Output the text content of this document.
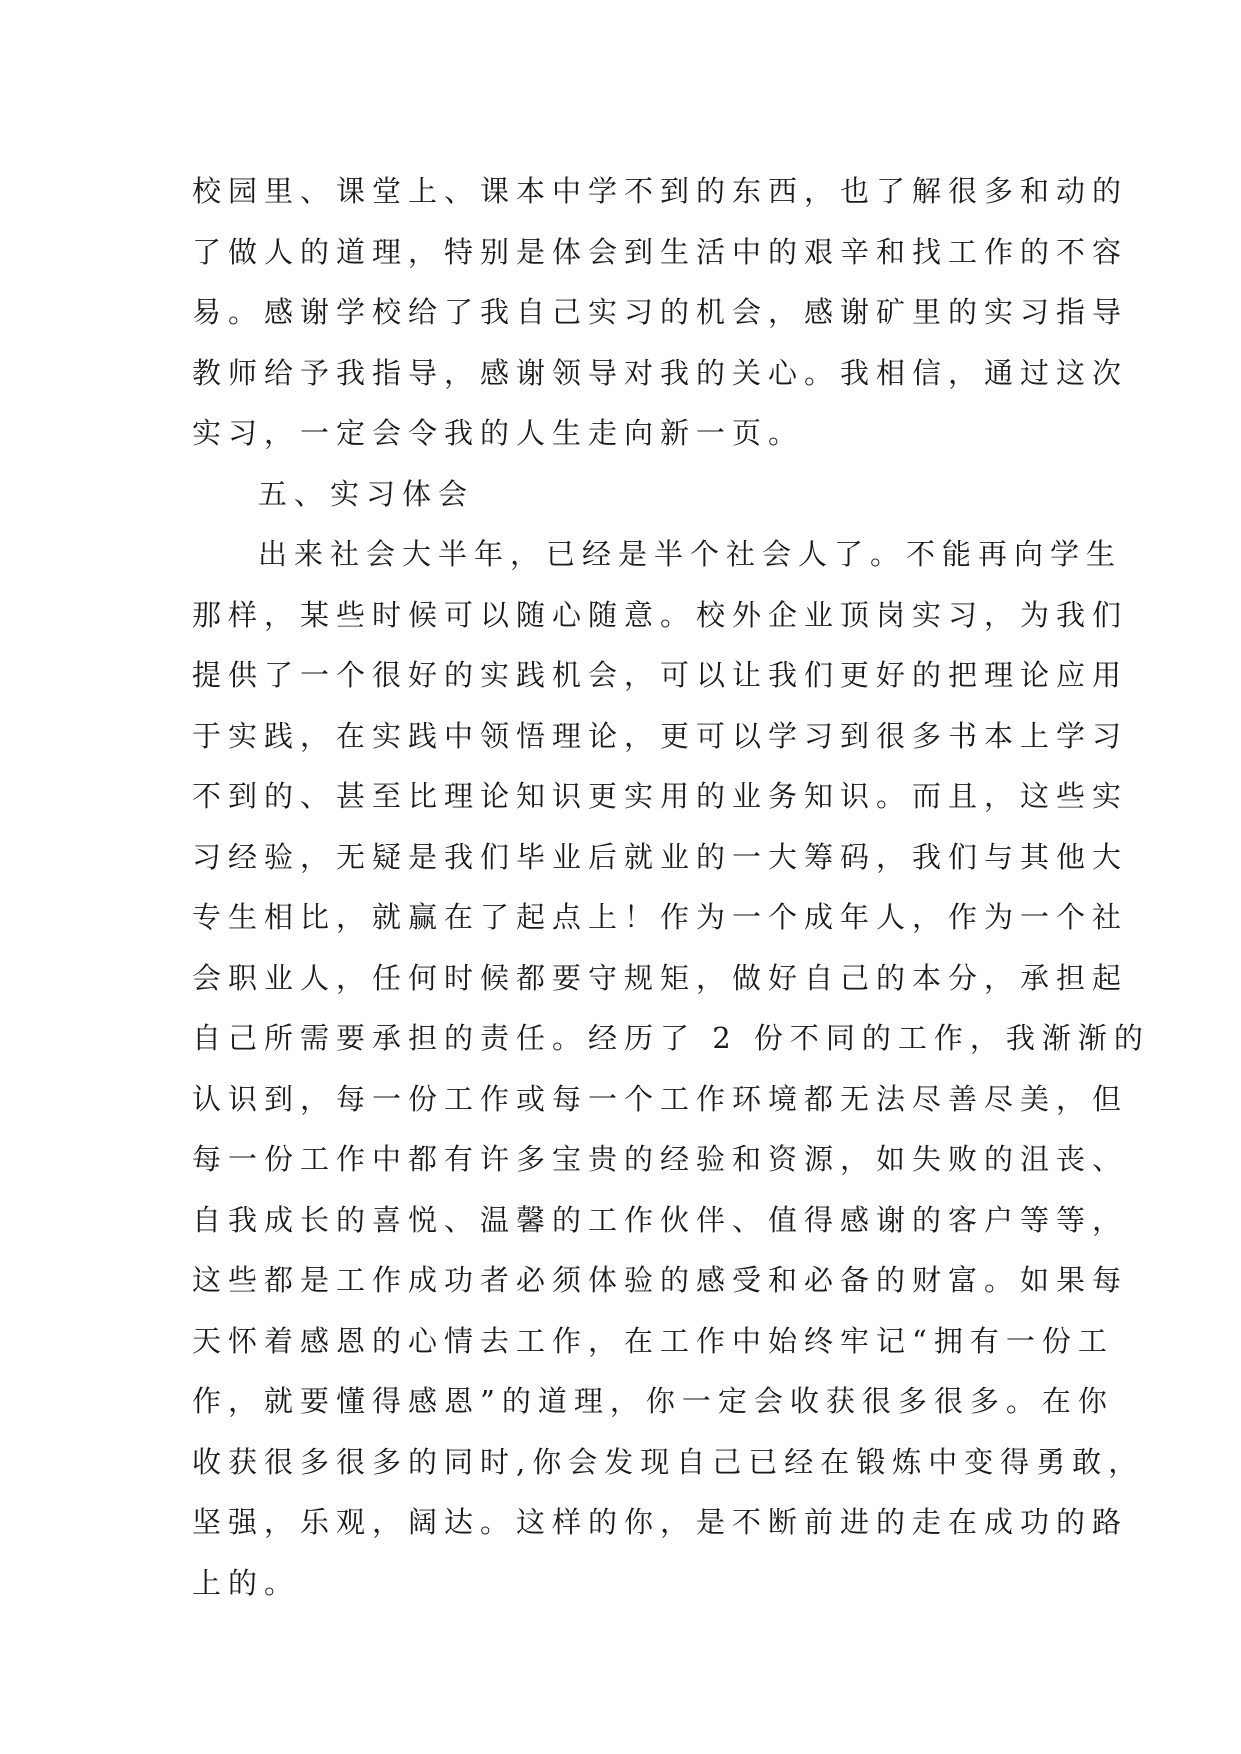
校园里、课堂上、课本中学不到的东西，也了解很多和动的
了做人的道理，特别是体会到生活中的艰辛和找工作的不容
易。感谢学校给了我自己实习的机会，感谢矿里的实习指导
教师给予我指导，感谢领导对我的关心。我相信，通过这次
实习，一定会令我的人生走向新一页。
五、实习体会
出来社会大半年，已经是半个社会人了。不能再向学生
那样，某些时候可以随心随意。校外企业顶岗实习，为我们
提供了一个很好的实践机会，可以让我们更好的把理论应用
于实践，在实践中领悟理论，更可以学习到很多书本上学习
不到的、甚至比理论知识更实用的业务知识。而且，这些实
习经验，无疑是我们毕业后就业的一大筹码，我们与其他大
专生相比，就赢在了起点上！作为一个成年人，作为一个社
会职业人，任何时候都要守规矩，做好自己的本分，承担起
自己所需要承担的责任。经历了 2 份不同的工作，我渐渐的
认识到，每一份工作或每一个工作环境都无法尽善尽美，但
每一份工作中都有许多宝贵的经验和资源，如失败的沮丧、
自我成长的喜悦、温馨的工作伙伴、值得感谢的客户等等，
这些都是工作成功者必须体验的感受和必备的财富。如果每
天怀着感恩的心情去工作，在工作中始终牢记“拥有一份工
作，就要懂得感恩”的道理，你一定会收获很多很多。在你
收获很多很多的同时,你会发现自己已经在锻炼中变得勇敢，
坚强，乐观，阔达。这样的你，是不断前进的走在成功的路
上的。
